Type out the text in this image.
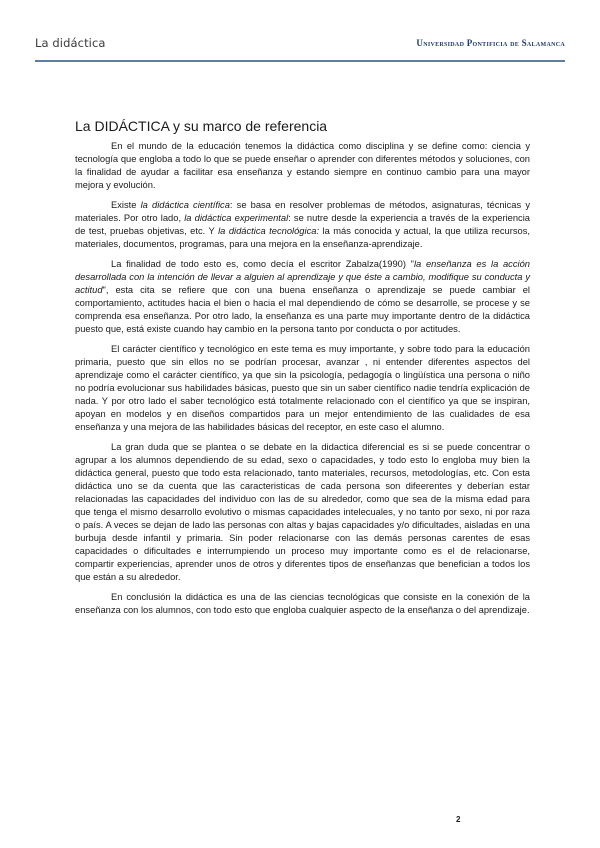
La didáctica	Universidad Pontificia de Salamanca
La DIDÁCTICA y su marco de referencia

En el mundo de la educación tenemos la didáctica como disciplina y se define como: ciencia y tecnología que engloba a todo lo que se puede enseñar o aprender con diferentes métodos y soluciones, con la finalidad de ayudar a facilitar esa enseñanza y estando siempre en continuo cambio para una mayor mejora y evolución.

Existe la didáctica científica: se basa en resolver problemas de métodos, asignaturas, técnicas y materiales. Por otro lado, la didáctica experimental: se nutre desde la experiencia a través de la experiencia de test, pruebas objetivas, etc. Y la didáctica tecnológica: la más conocida y actual, la que utiliza recursos, materiales, documentos, programas, para una mejora en la enseñanza-aprendizaje.

La finalidad de todo esto es, como decía el escritor Zabalza(1990) "la enseñanza es la acción desarrollada con la intención de llevar a alguien al aprendizaje y que éste a cambio, modifique su conducta y actitud", esta cita se refiere que con una buena enseñanza o aprendizaje se puede cambiar el comportamiento, actitudes hacia el bien o hacia el mal dependiendo de cómo se desarrolle, se procese y se comprenda esa enseñanza. Por otro lado, la enseñanza es una parte muy importante dentro de la didáctica puesto que, está existe cuando hay cambio en la persona tanto por conducta o por actitudes.

El carácter científico y tecnológico en este tema es muy importante, y sobre todo para la educación primaria, puesto que sin ellos no se podrían procesar, avanzar , ni entender diferentes aspectos del aprendizaje como el carácter científico, ya que sin la psicología, pedagogía o lingüística una persona o niño no podría evolucionar sus habilidades básicas, puesto que sin un saber científico nadie tendría explicación de nada. Y por otro lado el saber tecnológico está totalmente relacionado con el científico ya que se inspiran, apoyan en modelos y en diseños compartidos para un mejor entendimiento de las cualidades de esa enseñanza y una mejora de las habilidades básicas del receptor, en este caso el alumno.

La gran duda que se plantea o se debate en la didactica diferencial es si se puede concentrar o agrupar a los alumnos dependiendo de su edad, sexo o capacidades, y todo esto lo engloba muy bien la didáctica general, puesto que todo esta relacionado, tanto materiales, recursos, metodologías, etc. Con esta didáctica uno se da cuenta que las caracteristicas de cada persona son difeerentes y deberían estar relacionadas las capacidades del individuo con las de su alrededor, como que sea de la misma edad para que tenga el mismo desarrollo evolutivo o mismas capacidades intelecuales, y no tanto por sexo, ni por raza o país. A veces se dejan de lado las personas con altas y bajas capacidades y/o dificultades, aisladas en una burbuja desde infantil y primaria. Sin poder relacionarse con las demás personas carentes de esas capacidades o dificultades e interrumpiendo un proceso muy importante como es el de relacionarse, compartir experiencias, aprender unos de otros y diferentes tipos de enseñanzas que benefician a todos los que están a su alrededor.

En conclusión la didáctica es una de las ciencias tecnológicas que consiste en la conexión de la enseñanza con los alumnos, con todo esto que engloba cualquier aspecto de la enseñanza o del aprendizaje.

2
